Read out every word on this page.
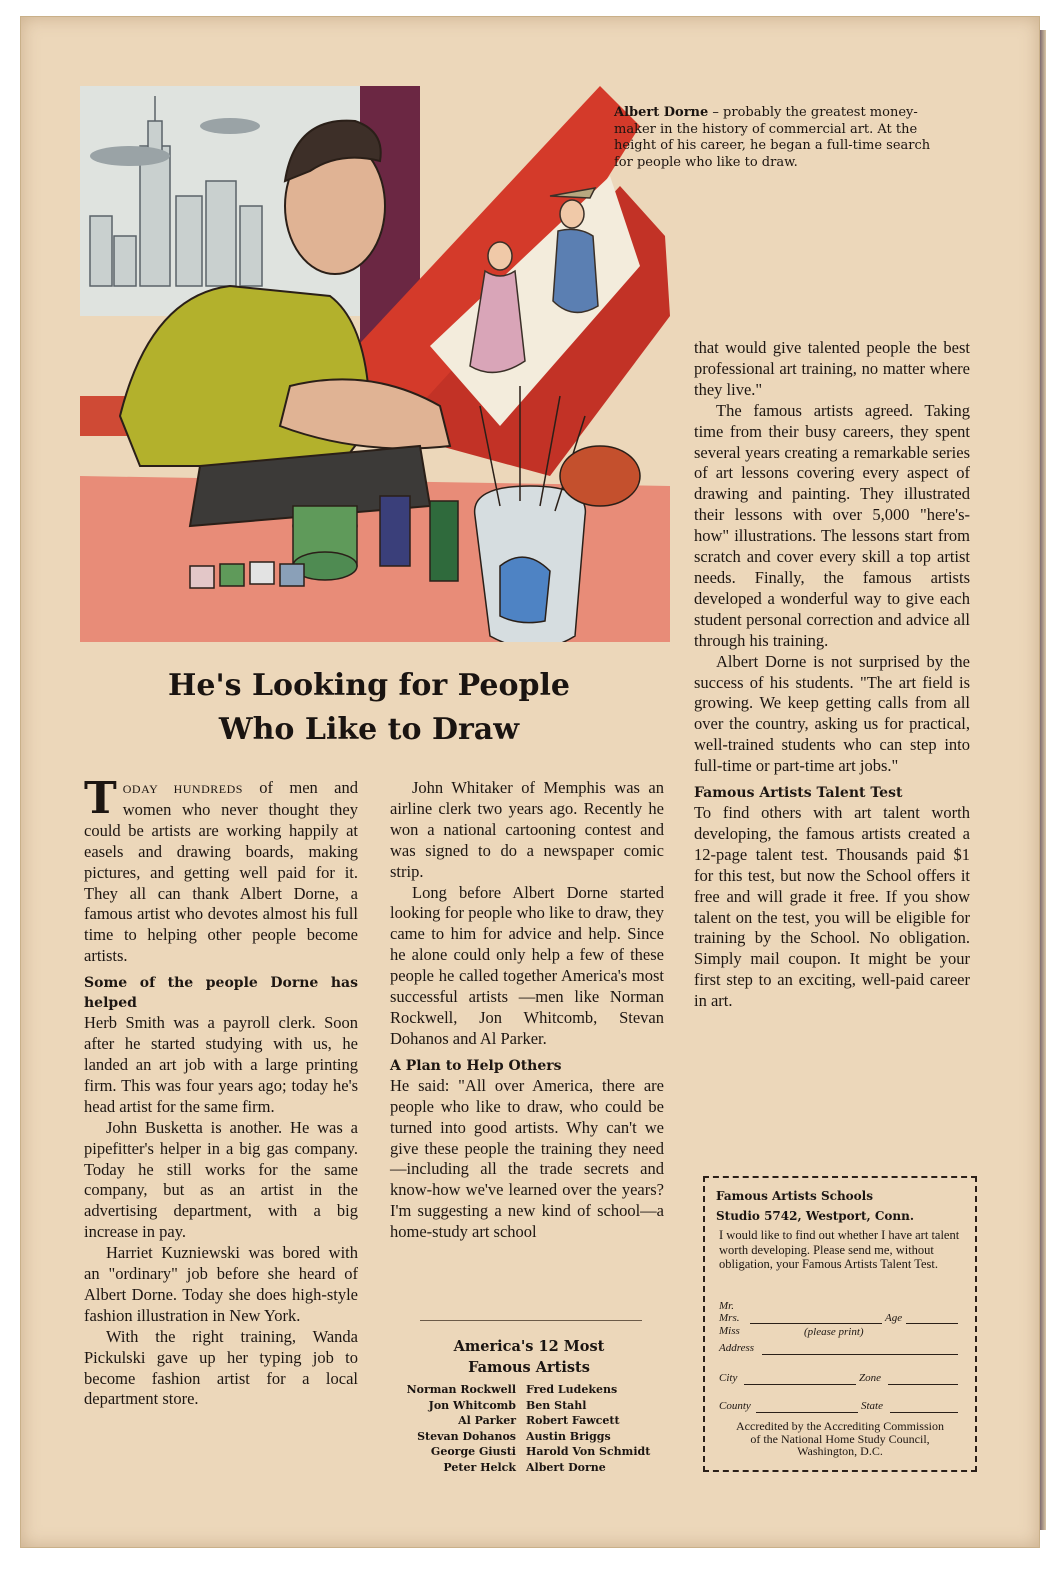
Albert Dorne – probably the greatest money-maker in the history of commercial art. At the height of his career, he began a full-time search for people who like to draw.
He's Looking for People
Who Like to Draw

TODAY HUNDREDS of men and women who never thought they could be artists are working happily at easels and drawing boards, making pictures, and getting well paid for it. They all can thank Albert Dorne, a famous artist who devotes almost his full time to helping other people become artists.

Some of the people Dorne has helped

Herb Smith was a payroll clerk. Soon after he started studying with us, he landed an art job with a large printing firm. This was four years ago; today he's head artist for the same firm.

John Busketta is another. He was a pipefitter's helper in a big gas company. Today he still works for the same company, but as an artist in the advertising department, with a big increase in pay.

Harriet Kuzniewski was bored with an "ordinary" job before she heard of Albert Dorne. Today she does high-style fashion illustration in New York.

With the right training, Wanda Pickulski gave up her typing job to become fashion artist for a local department store.

John Whitaker of Memphis was an airline clerk two years ago. Recently he won a national cartooning contest and was signed to do a newspaper comic strip.

Long before Albert Dorne started looking for people who like to draw, they came to him for advice and help. Since he alone could only help a few of these people he called together America's most successful artists —men like Norman Rockwell, Jon Whitcomb, Stevan Dohanos and Al Parker.

A Plan to Help Others

He said: "All over America, there are people who like to draw, who could be turned into good artists. Why can't we give these people the training they need—including all the trade secrets and know-how we've learned over the years? I'm suggesting a new kind of school—a home-study art school

America's 12 Most
Famous Artists
Norman Rockwell
Jon Whitcomb
Al Parker
Stevan Dohanos
George Giusti
Peter Helck
Fred Ludekens
Ben Stahl
Robert Fawcett
Austin Briggs
Harold Von Schmidt
Albert Dorne

that would give talented people the best professional art training, no matter where they live."

The famous artists agreed. Taking time from their busy careers, they spent several years creating a remarkable series of art lessons covering every aspect of drawing and painting. They illustrated their lessons with over 5,000 "here's-how" illustrations. The lessons start from scratch and cover every skill a top artist needs. Finally, the famous artists developed a wonderful way to give each student personal correction and advice all through his training.

Albert Dorne is not surprised by the success of his students. "The art field is growing. We keep getting calls from all over the country, asking us for practical, well-trained students who can step into full-time or part-time art jobs."

Famous Artists Talent Test

To find others with art talent worth developing, the famous artists created a 12-page talent test. Thousands paid $1 for this test, but now the School offers it free and will grade it free. If you show talent on the test, you will be eligible for training by the School. No obligation. Simply mail coupon. It might be your first step to an exciting, well-paid career in art.

Famous Artists Schools
Studio 5742, Westport, Conn.
I would like to find out whether I have art talent worth developing. Please send me, without obligation, your Famous Artists Talent Test.
Mr.
Mrs.
Miss
Age
(please print)
Address
City	Zone
County	State
Accredited by the Accrediting Commission of the National Home Study Council, Washington, D.C.
